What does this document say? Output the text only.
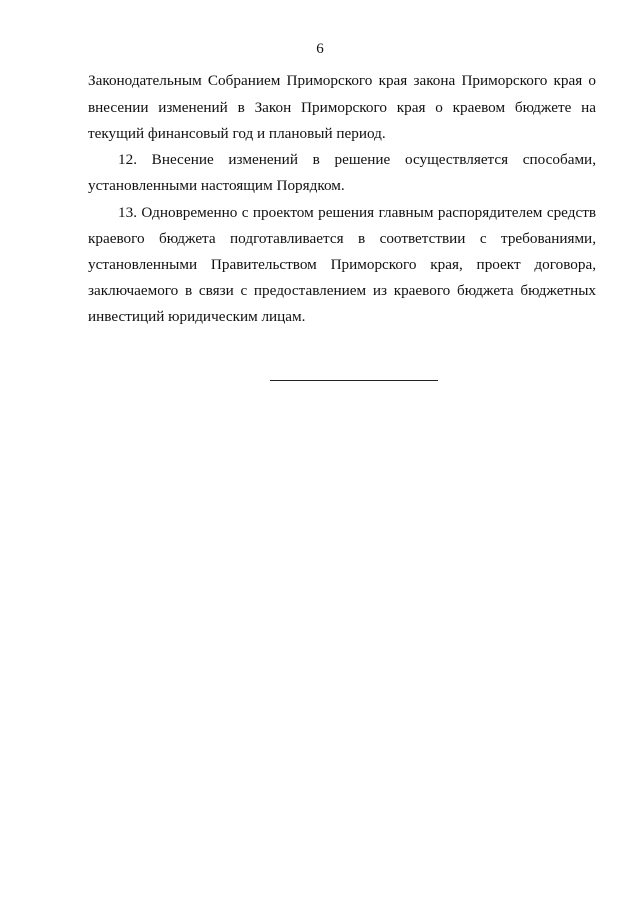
6
Законодательным Собранием Приморского края закона Приморского края о
внесении изменений в Закон Приморского края о краевом бюджете на
текущий финансовый год и плановый период.
12. Внесение изменений в решение осуществляется способами,
установленными настоящим Порядком.
13. Одновременно с проектом решения главным распорядителем средств
краевого бюджета подготавливается в соответствии с требованиями,
установленными Правительством Приморского края, проект договора,
заключаемого в связи с предоставлением из краевого бюджета бюджетных
инвестиций юридическим лицам.
